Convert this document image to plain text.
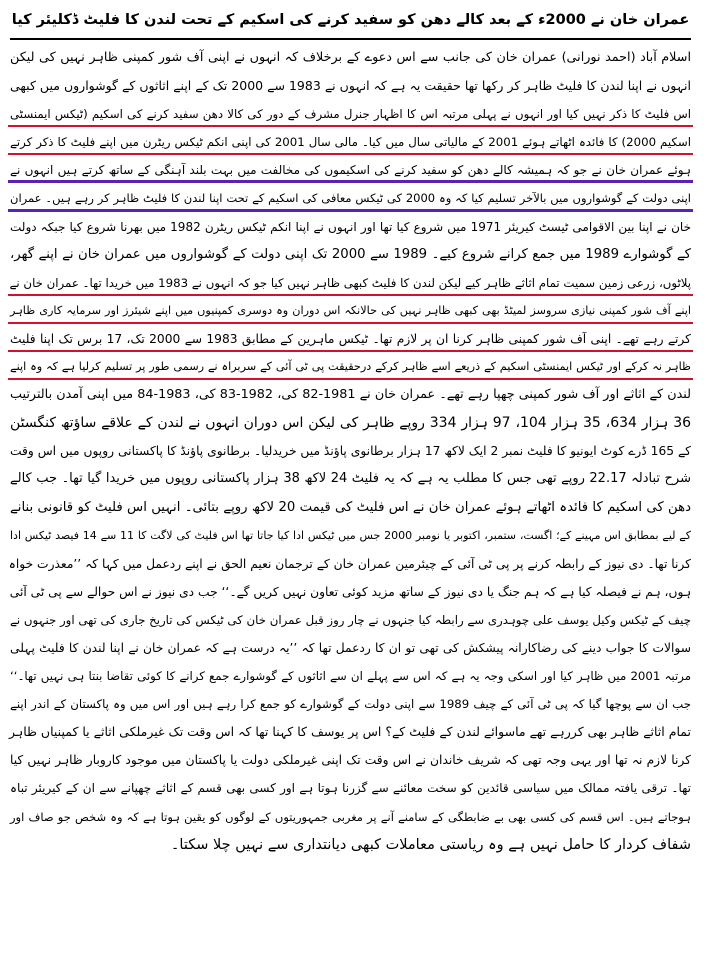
عمران خان نے 2000ء کے بعد کالے دھن کو سفید کرنے کی اسکیم کے تحت لندن کا فلیٹ ڈکلیئر کیا
اسلام آباد (احمد نورانی) عمران خان کی جانب سے اس دعوے کے برخلاف کہ انہوں نے اپنی آف شور کمپنی ظاہر نہیں کی لیکن
انہوں نے اپنا لندن کا فلیٹ ظاہر کر رکھا تھا حقیقت یہ ہے کہ انہوں نے 1983 سے 2000 تک کے اپنے اثاثوں کے گوشواروں میں کبھی
اس فلیٹ کا ذکر نہیں کیا اور انہوں نے پہلی مرتبہ اس کا اظہار جنرل مشرف کے دور کی کالا دھن سفید کرنے کی اسکیم (ٹیکس ایمنسٹی
اسکیم 2000) کا فائدہ اٹھاتے ہوئے 2001 کے مالیاتی سال میں کیا۔ مالی سال 2001 کی اپنی انکم ٹیکس ریٹرن میں اپنے فلیٹ کا ذکر کرتے
ہوئے عمران خان نے جو کہ ہمیشہ کالے دھن کو سفید کرنے کی اسکیموں کی مخالفت میں بہت بلند آہنگی کے ساتھ کرتے ہیں انہوں نے
اپنی دولت کے گوشواروں میں بالآخر تسلیم کیا کہ وہ 2000 کی ٹیکس معافی کی اسکیم کے تحت اپنا لندن کا فلیٹ ظاہر کر رہے ہیں۔ عمران
خان نے اپنا بین الاقوامی ٹیسٹ کیریئر 1971 میں شروع کیا تھا اور انہوں نے اپنا انکم ٹیکس ریٹرن 1982 میں بھرنا شروع کیا جبکہ دولت
کے گوشوارے 1989 میں جمع کرانے شروع کیے۔ 1989 سے 2000 تک اپنی دولت کے گوشواروں میں عمران خان نے اپنے گھر،
پلاٹوں، زرعی زمین سمیت تمام اثاثے ظاہر کیے لیکن لندن کا فلیٹ کبھی ظاہر نہیں کیا جو کہ انہوں نے 1983 میں خریدا تھا۔ عمران خان نے
اپنے آف شور کمپنی نیازی سروسز لمیٹڈ بھی کبھی ظاہر نہیں کی حالانکہ اس دوران وہ دوسری کمپنیوں میں اپنے شیئرز اور سرمایہ کاری ظاہر
کرتے رہے تھے۔ اپنی آف شور کمپنی ظاہر کرنا ان پر لازم تھا۔ ٹیکس ماہرین کے مطابق 1983 سے 2000 تک، 17 برس تک اپنا فلیٹ
ظاہر نہ کرکے اور ٹیکس ایمنسٹی اسکیم کے ذریعے اسے ظاہر کرکے درحقیقت پی ٹی آئی کے سربراہ نے رسمی طور پر تسلیم کرلیا ہے کہ وہ اپنے
لندن کے اثاثے اور آف شور کمپنی چھپا رہے تھے۔ عمران خان نے 1981-82 کی، 1982-83 کی، 1983-84 میں اپنی آمدن بالترتیب
36 ہزار 634، 35 ہزار 104، 97 ہزار 334 روپے ظاہر کی لیکن اس دوران انہوں نے لندن کے علاقے ساؤتھ کنگسٹن
کے 165 ڈرے کوٹ ایونیو کا فلیٹ نمبر 2 ایک لاکھ 17 ہزار برطانوی پاؤنڈ میں خریدلیا۔ برطانوی پاؤنڈ کا پاکستانی روپوں میں اس وقت
شرح تبادلہ 22.17 روپے تھی جس کا مطلب یہ ہے کہ یہ فلیٹ 24 لاکھ 38 ہزار پاکستانی روپوں میں خریدا گیا تھا۔ جب کالے
دھن کی اسکیم کا فائدہ اٹھاتے ہوئے عمران خان نے اس فلیٹ کی قیمت 20 لاکھ روپے بتائی۔ انہیں اس فلیٹ کو قانونی بنانے
کے لیے بمطابق اس مہینے کے؛ اگست، ستمبر، اکتوبر یا نومبر 2000 جس میں ٹیکس ادا کیا جاتا تھا اس فلیٹ کی لاگت کا 11 سے 14 فیصد ٹیکس ادا
کرنا تھا۔ دی نیوز کے رابطہ کرنے پر پی ٹی آئی کے چیئرمین عمران خان کے ترجمان نعیم الحق نے اپنے ردعمل میں کہا کہ ’’معذرت خواہ
ہوں، ہم نے فیصلہ کیا ہے کہ ہم جنگ یا دی نیوز کے ساتھ مزید کوئی تعاون نہیں کریں گے۔‘‘ جب دی نیوز نے اس حوالے سے پی ٹی آئی
چیف کے ٹیکس وکیل یوسف علی چوہدری سے رابطہ کیا جنہوں نے چار روز قبل عمران خان کی ٹیکس کی تاریخ جاری کی تھی اور جنہوں نے
سوالات کا جواب دینے کی رضاکارانہ پیشکش کی تھی تو ان کا ردعمل تھا کہ ’’یہ درست ہے کہ عمران خان نے اپنا لندن کا فلیٹ پہلی
مرتبہ 2001 میں ظاہر کیا اور اسکی وجہ یہ ہے کہ اس سے پہلے ان سے اثاثوں کے گوشوارے جمع کرانے کا کوئی تقاضا بنتا ہی نہیں تھا۔‘‘
جب ان سے پوچھا گیا کہ پی ٹی آئی کے چیف 1989 سے اپنی دولت کے گوشوارے کو جمع کرا رہے ہیں اور اس میں وہ پاکستان کے اندر اپنے
تمام اثاثے ظاہر بھی کررہے تھے ماسوائے لندن کے فلیٹ کے؟ اس پر یوسف کا کہنا تھا کہ اس وقت تک غیرملکی اثاثے یا کمپنیاں ظاہر
کرنا لازم نہ تھا اور یہی وجہ تھی کہ شریف خاندان نے اس وقت تک اپنی غیرملکی دولت یا پاکستان میں موجود کاروبار ظاہر نہیں کیا
تھا۔ ترقی یافتہ ممالک میں سیاسی قائدین کو سخت معائنے سے گزرنا ہوتا ہے اور کسی بھی قسم کے اثاثے چھپانے سے ان کے کیریئر تباہ
ہوجاتے ہیں۔ اس قسم کی کسی بھی بے ضابطگی کے سامنے آنے پر مغربی جمہوریتوں کے لوگوں کو یقین ہوتا ہے کہ وہ شخص جو صاف اور
شفاف کردار کا حامل نہیں ہے وہ ریاستی معاملات کبھی دیانتداری سے نہیں چلا سکتا۔
